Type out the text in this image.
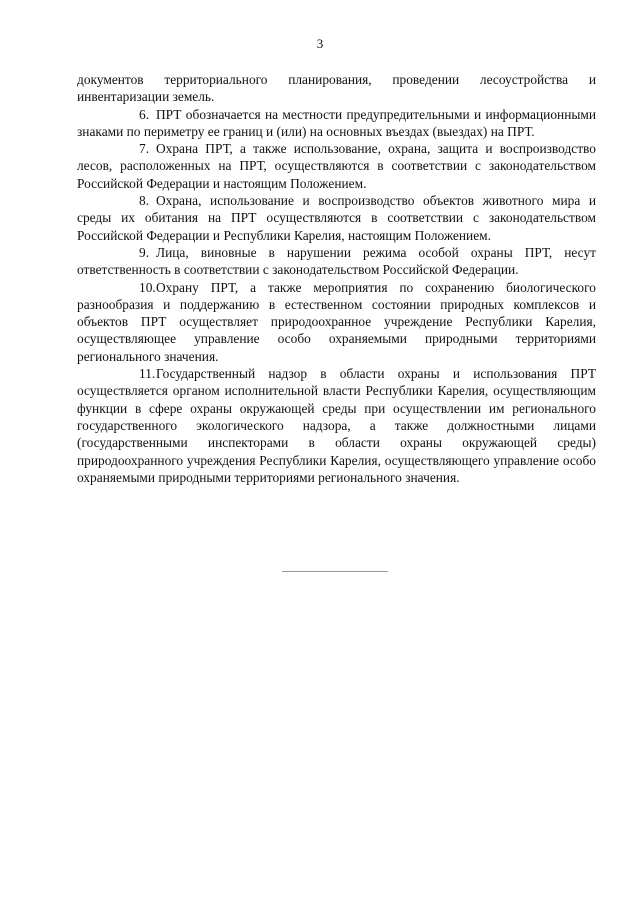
3

документов территориального планирования, проведении лесоустройства и инвентаризации земель.

6. ПРТ обозначается на местности предупредительными и информационными знаками по периметру ее границ и (или) на основных въездах (выездах) на ПРТ.

7. Охрана ПРТ, а также использование, охрана, защита и воспроизводство лесов, расположенных на ПРТ, осуществляются в соответствии с законодательством Российской Федерации и настоящим Положением.

8. Охрана, использование и воспроизводство объектов животного мира и среды их обитания на ПРТ осуществляются в соответствии с законодательством Российской Федерации и Республики Карелия, настоящим Положением.

9. Лица, виновные в нарушении режима особой охраны ПРТ, несут ответственность в соответствии с законодательством Российской Федерации.

10.Охрану ПРТ, а также мероприятия по сохранению биологического разнообразия и поддержанию в естественном состоянии природных комплексов и объектов ПРТ осуществляет природоохранное учреждение Республики Карелия, осуществляющее управление особо охраняемыми природными территориями регионального значения.

11.Государственный надзор в области охраны и использования ПРТ осуществляется органом исполнительной власти Республики Карелия, осуществляющим функции в сфере охраны окружающей среды при осуществлении им регионального государственного экологического надзора, а также должностными лицами (государственными инспекторами в области охраны окружающей среды) природоохранного учреждения Республики Карелия, осуществляющего управление особо охраняемыми природными территориями регионального значения.
